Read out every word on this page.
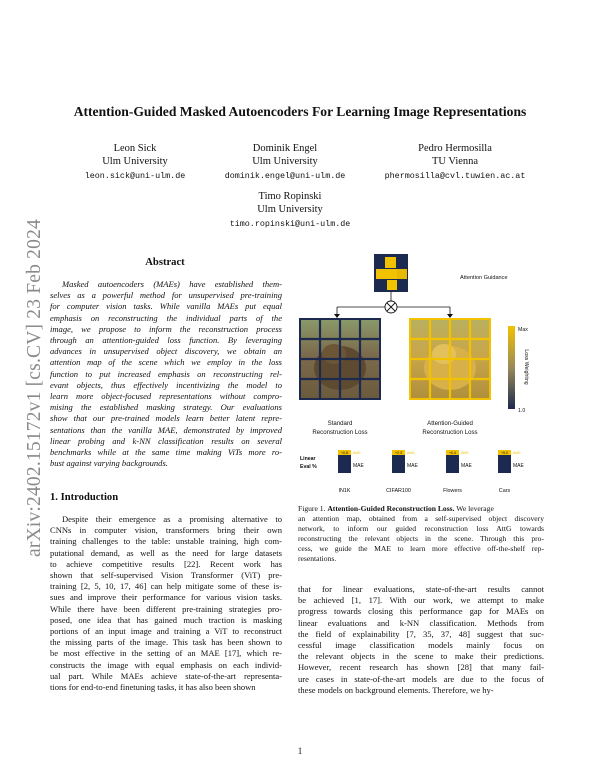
arXiv:2402.15172v1 [cs.CV] 23 Feb 2024
Attention-Guided Masked Autoencoders For Learning Image Representations
Leon Sick
Ulm University
leon.sick@uni-ulm.de
Dominik Engel
Ulm University
dominik.engel@uni-ulm.de
Pedro Hermosilla
TU Vienna
phermosilla@cvl.tuwien.ac.at
Timo Ropinski
Ulm University
timo.ropinski@uni-ulm.de
Abstract
Masked autoencoders (MAEs) have established them-
selves as a powerful method for unsupervised pre-training
for computer vision tasks. While vanilla MAEs put equal
emphasis on reconstructing the individual parts of the
image, we propose to inform the reconstruction process
through an attention-guided loss function. By leveraging
advances in unsupervised object discovery, we obtain an
attention map of the scene which we employ in the loss
function to put increased emphasis on reconstructing rel-
evant objects, thus effectively incentivizing the model to
learn more object-focused representations without compro-
mising the established masking strategy. Our evaluations
show that our pre-trained models learn better latent repre-
sentations than the vanilla MAE, demonstrated by improved
linear probing and k-NN classification results on several
benchmarks while at the same time making ViTs more ro-
bust against varying backgrounds.
1. Introduction
Despite their emergence as a promising alternative to
CNNs in computer vision, transformers bring their own
training challenges to the table: unstable training, high com-
putational demand, as well as the need for large datasets
to achieve competitive results [22]. Recent work has
shown that self-supervised Vision Transformer (ViT) pre-
training [2, 5, 10, 17, 46] can help mitigate some of these is-
sues and improve their performance for various vision tasks.
While there have been different pre-training strategies pro-
posed, one idea that has gained much traction is masking
portions of an input image and training a ViT to reconstruct
the missing parts of the image. This task has been shown to
be most effective in the setting of an MAE [17], which re-
constructs the image with equal emphasis on each individ-
ual part. While MAEs achieve state-of-the-art representa-
tions for end-to-end finetuning tasks, it has also been shown
Attention Guidance
Max
1.0
Loss Weighting
Standard
Reconstruction Loss
Attention-Guided
Reconstruction Loss
Linear
Eval %
+0.8 AttG
MAE
IN1K
+2.3 AttG
MAE
CIFAR100
+0.4 AttG
MAE
Flowers
+5.0 AttG
MAE
Cars
Figure 1. Attention-Guided Reconstruction Loss. We leverage
an attention map, obtained from a self-supervised object discovery
network, to inform our guided reconstruction loss AttG towards
reconstructing the relevant objects in the scene. Through this pro-
cess, we guide the MAE to learn more effective off-the-shelf rep-
resentations.
that for linear evaluations, state-of-the-art results cannot
be achieved [1, 17]. With our work, we attempt to make
progress towards closing this performance gap for MAEs on
linear evaluations and k-NN classification. Methods from
the field of explainability [7, 35, 37, 48] suggest that suc-
cessful image classification models mainly focus on
the relevant objects in the scene to make their predictions.
However, recent research has shown [28] that many fail-
ure cases in state-of-the-art models are due to the focus of
these models on background elements. Therefore, we hy-
1
